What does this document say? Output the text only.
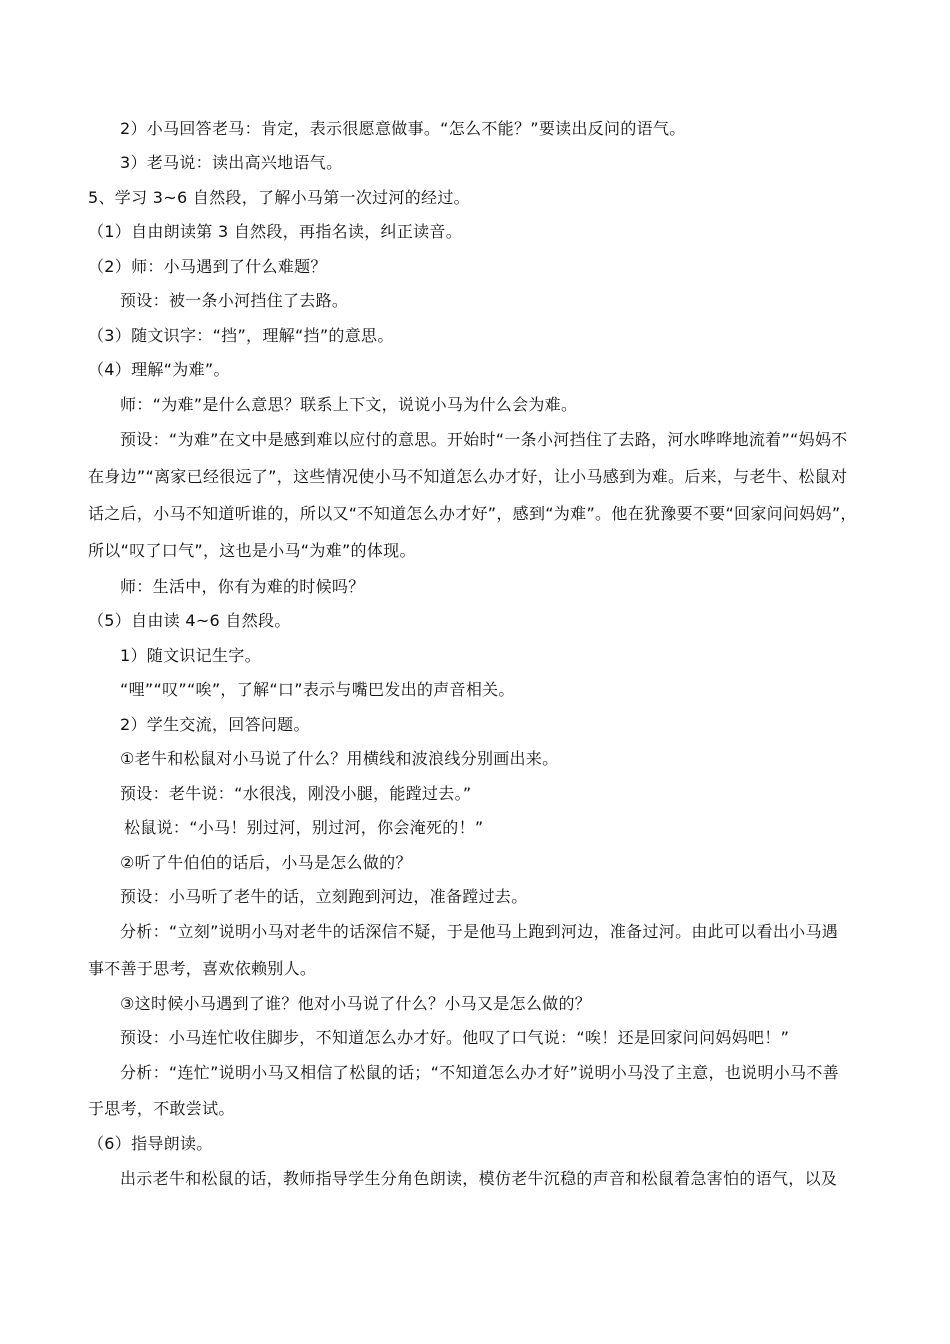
2）小马回答老马：肯定，表示很愿意做事。“怎么不能？”要读出反问的语气。

3）老马说：读出高兴地语气。

5、学习 3~6 自然段，了解小马第一次过河的经过。

（1）自由朗读第 3 自然段，再指名读，纠正读音。

（2）师：小马遇到了什么难题？

预设：被一条小河挡住了去路。

（3）随文识字：“挡”，理解“挡”的意思。

（4）理解“为难”。

师：“为难”是什么意思？联系上下文，说说小马为什么会为难。

预设：“为难”在文中是感到难以应付的意思。开始时“一条小河挡住了去路，河水哗哗地流着”“妈妈不

在身边”“离家已经很远了”，这些情况使小马不知道怎么办才好，让小马感到为难。后来，与老牛、松鼠对

话之后，小马不知道听谁的，所以又“不知道怎么办才好”，感到“为难”。他在犹豫要不要“回家问问妈妈”，

所以“叹了口气”，这也是小马“为难”的体现。

师：生活中，你有为难的时候吗？

（5）自由读 4~6 自然段。

1）随文识记生字。

“哩”“叹”“唉”，了解“口”表示与嘴巴发出的声音相关。

2）学生交流，回答问题。

①老牛和松鼠对小马说了什么？用横线和波浪线分别画出来。

预设：老牛说：“水很浅，刚没小腿，能蹚过去。”

松鼠说：“小马！别过河，别过河，你会淹死的！”

②听了牛伯伯的话后，小马是怎么做的？

预设：小马听了老牛的话，立刻跑到河边，准备蹚过去。

分析：“立刻”说明小马对老牛的话深信不疑，于是他马上跑到河边，准备过河。由此可以看出小马遇

事不善于思考，喜欢依赖别人。

③这时候小马遇到了谁？他对小马说了什么？小马又是怎么做的？

预设：小马连忙收住脚步，不知道怎么办才好。他叹了口气说：“唉！还是回家问问妈妈吧！”

分析：“连忙”说明小马又相信了松鼠的话；“不知道怎么办才好”说明小马没了主意，也说明小马不善

于思考，不敢尝试。

（6）指导朗读。

出示老牛和松鼠的话，教师指导学生分角色朗读，模仿老牛沉稳的声音和松鼠着急害怕的语气，以及
